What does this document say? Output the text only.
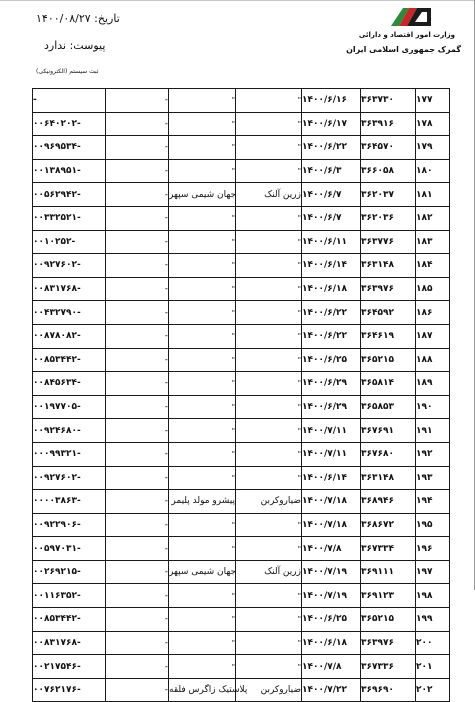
تاریخ: ۱۴۰۰/۰۸/۲۷
پیوست: ندارد
ثبت سیستم (الکترونیکی)
وزارت امور اقتصاد و دارائی
گمرک جمهوری اسلامی ایران
-	-	"	"	۱۴۰۰/۶/۱۶	۳۶۳۷۳۰	۱۷۷
۰۰۶۴۰۲۰۲-	-	"	"	۱۴۰۰/۶/۱۷	۳۶۳۹۱۶	۱۷۸
۰۰۹۶۹۵۳۴-	-	"	"	۱۴۰۰/۶/۲۲	۳۶۴۵۷۰	۱۷۹
۰۰۱۳۸۹۵۱-	-	"	"	۱۴۰۰/۶/۳	۳۶۶۰۵۸	۱۸۰
۰۰۵۶۲۹۴۲-	-	جهان شیمی سپهر	زرین آلنک	۱۴۰۰/۶/۷	۳۶۲۰۳۷	۱۸۱
۰۰۳۳۲۵۲۱-	-	"	"	۱۴۰۰/۶/۷	۳۶۲۰۳۶	۱۸۲
۰۰۱۰۲۵۲-	-	"	"	۱۴۰۰/۶/۱۱	۳۶۳۷۷۶	۱۸۳
۰۰۹۲۷۶۰۲-	-	"	"	۱۴۰۰/۶/۱۴	۳۶۳۱۴۸	۱۸۴
۰۰۸۳۱۷۶۸-	-	"	"	۱۴۰۰/۶/۱۸	۳۶۳۹۷۶	۱۸۵
۰۰۴۳۲۷۹۰-	-	"	"	۱۴۰۰/۶/۲۲	۳۶۴۵۹۲	۱۸۶
۰۰۸۷۸۰۸۲-	-	"	"	۱۴۰۰/۶/۲۲	۳۶۴۶۱۹	۱۸۷
۰۰۸۵۳۴۴۲-	-	"	"	۱۴۰۰/۶/۲۵	۳۶۵۲۱۵	۱۸۸
۰۰۸۴۵۶۳۴-	-	"	"	۱۴۰۰/۶/۲۹	۳۶۵۸۱۴	۱۸۹
۰۰۱۹۷۷۰۵-	-	"	"	۱۴۰۰/۶/۲۹	۳۶۵۸۵۳	۱۹۰
۰۰۹۲۴۶۸۰-	-	"	"	۱۴۰۰/۷/۱۱	۳۶۷۶۹۱	۱۹۱
۰۰۰۹۹۳۲۱-	-	"	"	۱۴۰۰/۷/۱۱	۳۶۷۶۸۰	۱۹۲
۰۰۹۲۷۶۰۲-	-	"	"	۱۴۰۰/۶/۱۴	۳۶۳۱۴۸	۱۹۳
۰۰۰۰۳۸۶۳-	-	پیشرو مولد پلیمر	ضیاروکربن	۱۴۰۰/۷/۱۸	۳۶۸۹۴۶	۱۹۴
۰۰۹۲۲۹۰۶-	-	"	"	۱۴۰۰/۷/۱۸	۳۶۸۶۷۲	۱۹۵
۰۰۵۹۷۰۳۱-	-	"	"	۱۴۰۰/۷/۸	۳۶۷۳۳۴	۱۹۶
۰۰۲۶۹۲۱۵-	-	جهان شیمی سپهر	زرین آلنک	۱۴۰۰/۷/۱۹	۳۶۹۱۱۱	۱۹۷
۰۰۱۱۶۳۵۲-	-	"	"	۱۴۰۰/۷/۱۹	۳۶۹۱۲۳	۱۹۸
۰۰۸۵۳۴۴۲-	-	"	"	۱۴۰۰/۶/۲۵	۳۶۵۲۱۵	۱۹۹
۰۰۸۳۱۷۶۸-	-	"	"	۱۴۰۰/۶/۱۸	۳۶۳۹۷۶	۲۰۰
۰۰۲۱۷۵۴۶-	-	"	"	۱۴۰۰/۷/۸	۳۶۷۳۳۶	۲۰۱
۰۰۷۶۲۱۷۶-	-	پلاستیک زاگرس فلقه	ضیاروکربن	۱۴۰۰/۷/۲۲	۳۶۹۶۹۰	۲۰۲
